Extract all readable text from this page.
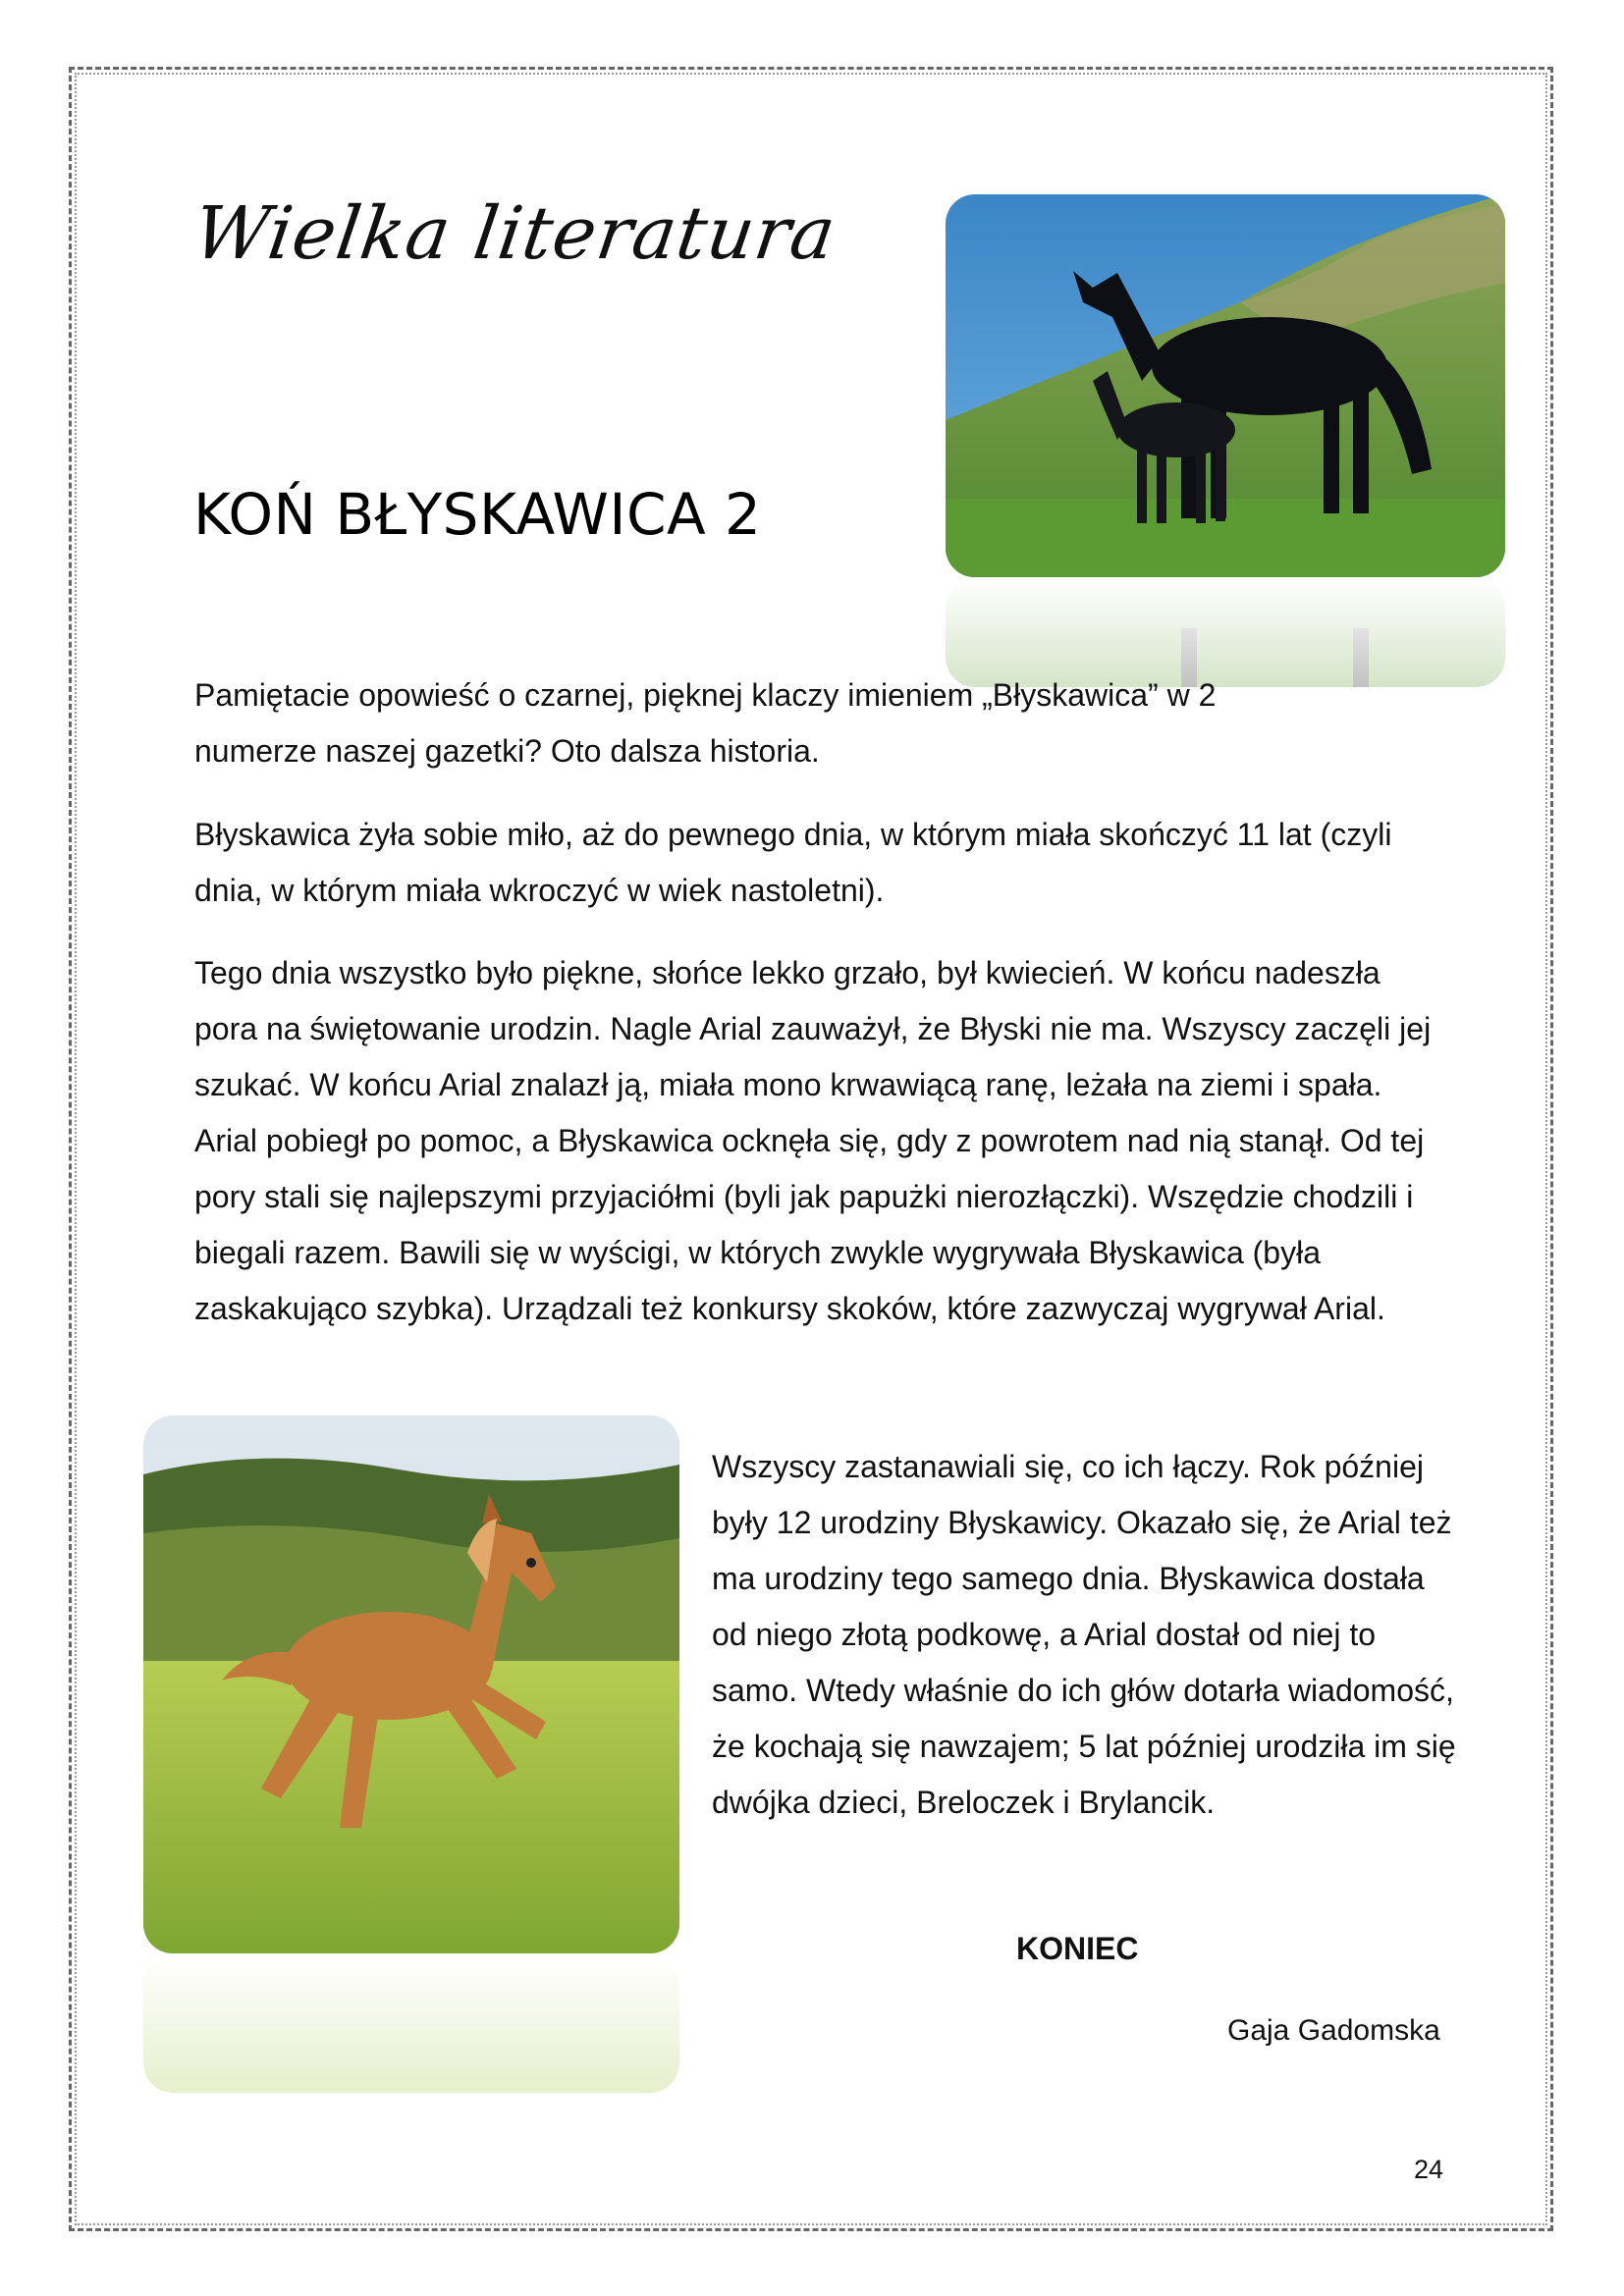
Wielka literatura
KOŃ BŁYSKAWICA 2

Pamiętacie opowieść o czarnej, pięknej klaczy imieniem „Błyskawica” w 2 numerze naszej gazetki? Oto dalsza historia.

Błyskawica żyła sobie miło, aż do pewnego dnia, w którym miała skończyć 11 lat (czyli dnia, w którym miała wkroczyć w wiek nastoletni).

Tego dnia wszystko było piękne, słońce lekko grzało, był kwiecień. W końcu nadeszła pora na świętowanie urodzin. Nagle Arial zauważył, że Błyski nie ma. Wszyscy zaczęli jej szukać. W końcu Arial znalazł ją, miała mono krwawiącą ranę, leżała na ziemi i spała. Arial pobiegł po pomoc, a Błyskawica ocknęła się, gdy z powrotem nad nią stanął. Od tej pory stali się najlepszymi przyjaciółmi (byli jak papużki nierozłączki). Wszędzie chodzili i biegali razem. Bawili się w wyścigi, w których zwykle wygrywała Błyskawica (była zaskakująco szybka). Urządzali też konkursy skoków, które zazwyczaj wygrywał Arial.

Wszyscy zastanawiali się, co ich łączy. Rok później były 12 urodziny Błyskawicy. Okazało się, że Arial też ma urodziny tego samego dnia. Błyskawica dostała od niego złotą podkowę, a Arial dostał od niej to samo. Wtedy właśnie do ich głów dotarła wiadomość, że kochają się nawzajem; 5 lat później urodziła im się dwójka dzieci, Breloczek i Brylancik.

KONIEC
Gaja Gadomska
24
